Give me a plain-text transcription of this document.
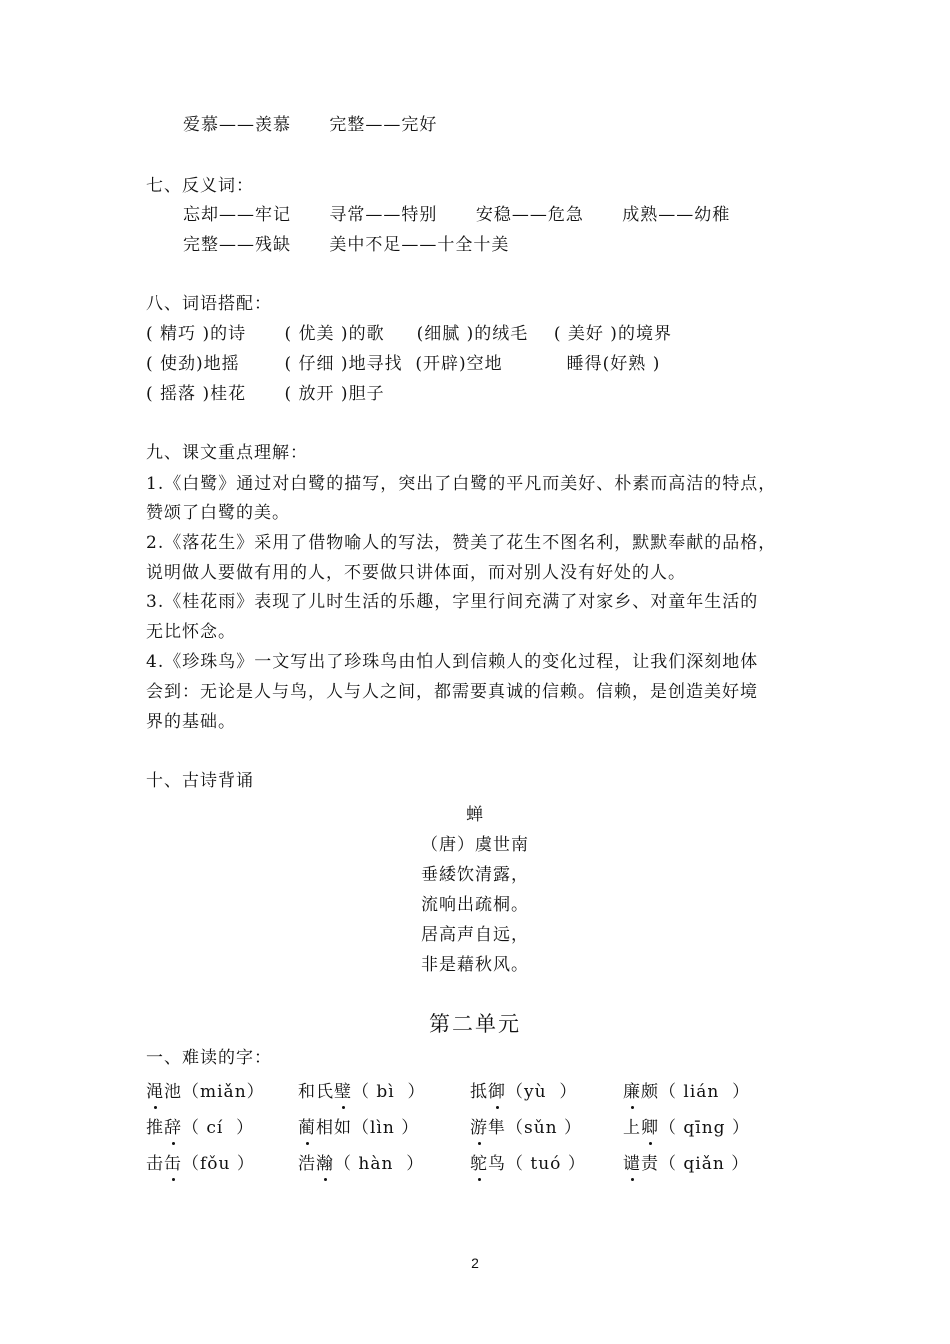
爱慕——羡慕      完整——完好
七、反义词：
忘却——牢记      寻常——特别      安稳——危急      成熟——幼稚
完整——残缺      美中不足——十全十美
八、词语搭配：
( 精巧 )的诗      ( 优美 )的歌     (细腻 )的绒毛    ( 美好 )的境界
( 使劲)地摇       ( 仔细 )地寻找  (开辟)空地          睡得(好熟 )
( 摇落 )桂花      ( 放开 )胆子
九、课文重点理解：
1.《白鹭》通过对白鹭的描写，突出了白鹭的平凡而美好、朴素而高洁的特点，
赞颂了白鹭的美。
2.《落花生》采用了借物喻人的写法，赞美了花生不图名利，默默奉献的品格，
说明做人要做有用的人，不要做只讲体面，而对别人没有好处的人。
3.《桂花雨》表现了儿时生活的乐趣，字里行间充满了对家乡、对童年生活的
无比怀念。
4.《珍珠鸟》一文写出了珍珠鸟由怕人到信赖人的变化过程，让我们深刻地体
会到：无论是人与鸟，人与人之间，都需要真诚的信赖。信赖，是创造美好境
界的基础。
十、古诗背诵
蝉
（唐）虞世南
垂緌饮清露，
流响出疏桐。
居高声自远，
非是藉秋风。
第二单元
一、难读的字：
渑池（miǎn） 和氏璧（ bì  ）	抵御（yù  ）	廉颇（ lián  ）
推辞（ cí  ）	蔺相如（lìn ）	游隼（sǔn ） 上卿（ qīng ）
击缶（fǒu ）	浩瀚（ hàn  ）	鸵鸟（ tuó ） 谴责（ qiǎn ）
2
